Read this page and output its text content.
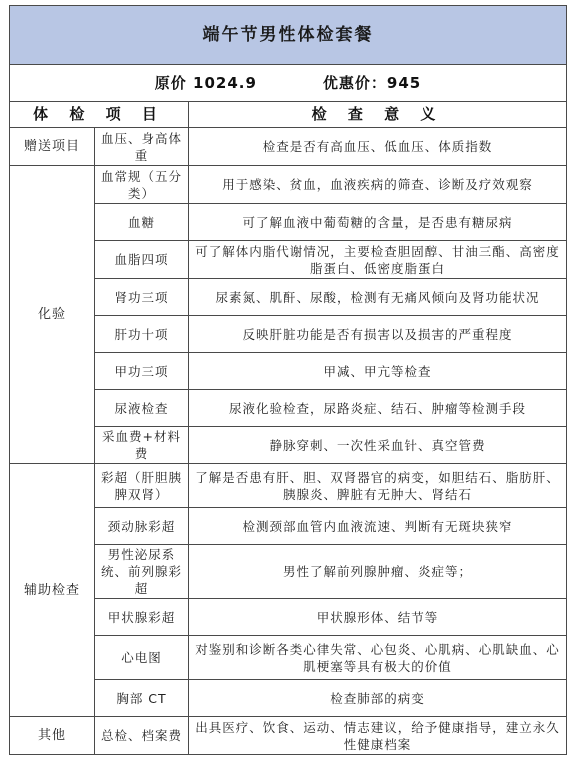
端午节男性体检套餐		
原价 1024.9 优惠价：945		
体 检 项 目		检 查 意 义
赠送项目	血压、身高体重	检查是否有高血压、低血压、体质指数
化验	血常规（五分类）	用于感染、贫血，血液疾病的筛查、诊断及疗效观察
	血糖	可了解血液中葡萄糖的含量，是否患有糖尿病
	血脂四项	可了解体内脂代谢情况，主要检查胆固醇、甘油三酯、高密度脂蛋白、低密度脂蛋白
	肾功三项	尿素氮、肌酐、尿酸，检测有无痛风倾向及肾功能状况
	肝功十项	反映肝脏功能是否有损害以及损害的严重程度
	甲功三项	甲减、甲亢等检查
	尿液检查	尿液化验检查，尿路炎症、结石、肿瘤等检测手段
	采血费+材料费	静脉穿刺、一次性采血针、真空管费
辅助检查	彩超（肝胆胰脾双肾）	了解是否患有肝、胆、双肾器官的病变，如胆结石、脂肪肝、胰腺炎、脾脏有无肿大、肾结石
	颈动脉彩超	检测颈部血管内血液流速、判断有无斑块狭窄
	男性泌尿系统、前列腺彩超	男性了解前列腺肿瘤、炎症等；
	甲状腺彩超	甲状腺形体、结节等
	心电图	对鉴别和诊断各类心律失常、心包炎、心肌病、心肌缺血、心肌梗塞等具有极大的价值
	胸部 CT	检查肺部的病变
其他	总检、档案费	出具医疗、饮食、运动、情志建议，给予健康指导，建立永久性健康档案
